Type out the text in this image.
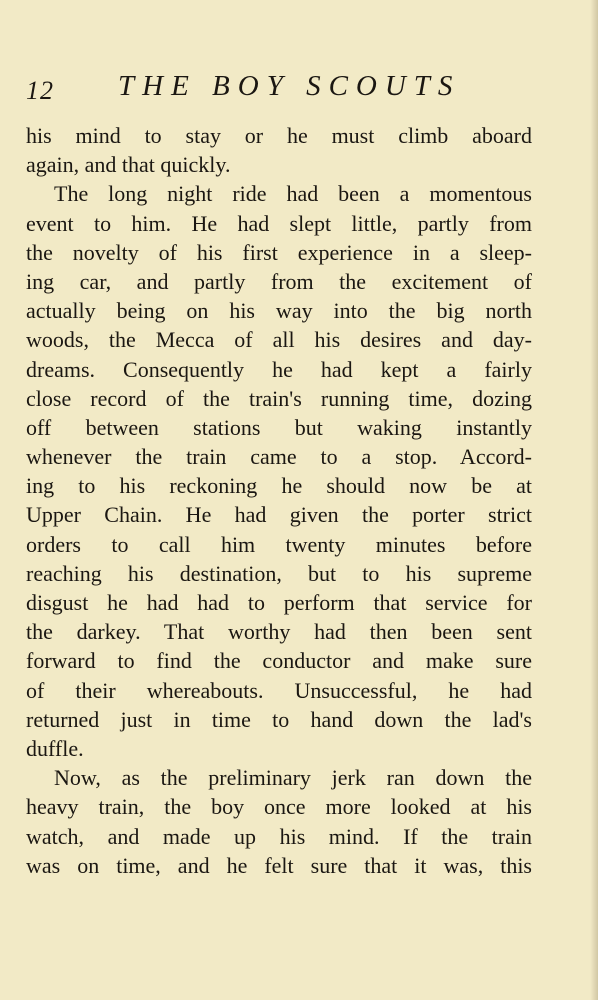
12 THE BOY SCOUTS
his mind to stay or he must climb aboard
again, and that quickly.
The long night ride had been a momentous
event to him. He had slept little, partly from
the novelty of his first experience in a sleep-
ing car, and partly from the excitement of
actually being on his way into the big north
woods, the Mecca of all his desires and day-
dreams. Consequently he had kept a fairly
close record of the train's running time, dozing
off between stations but waking instantly
whenever the train came to a stop. Accord-
ing to his reckoning he should now be at
Upper Chain. He had given the porter strict
orders to call him twenty minutes before
reaching his destination, but to his supreme
disgust he had had to perform that service for
the darkey. That worthy had then been sent
forward to find the conductor and make sure
of their whereabouts. Unsuccessful, he had
returned just in time to hand down the lad's
duffle.
Now, as the preliminary jerk ran down the
heavy train, the boy once more looked at his
watch, and made up his mind. If the train
was on time, and he felt sure that it was, this
